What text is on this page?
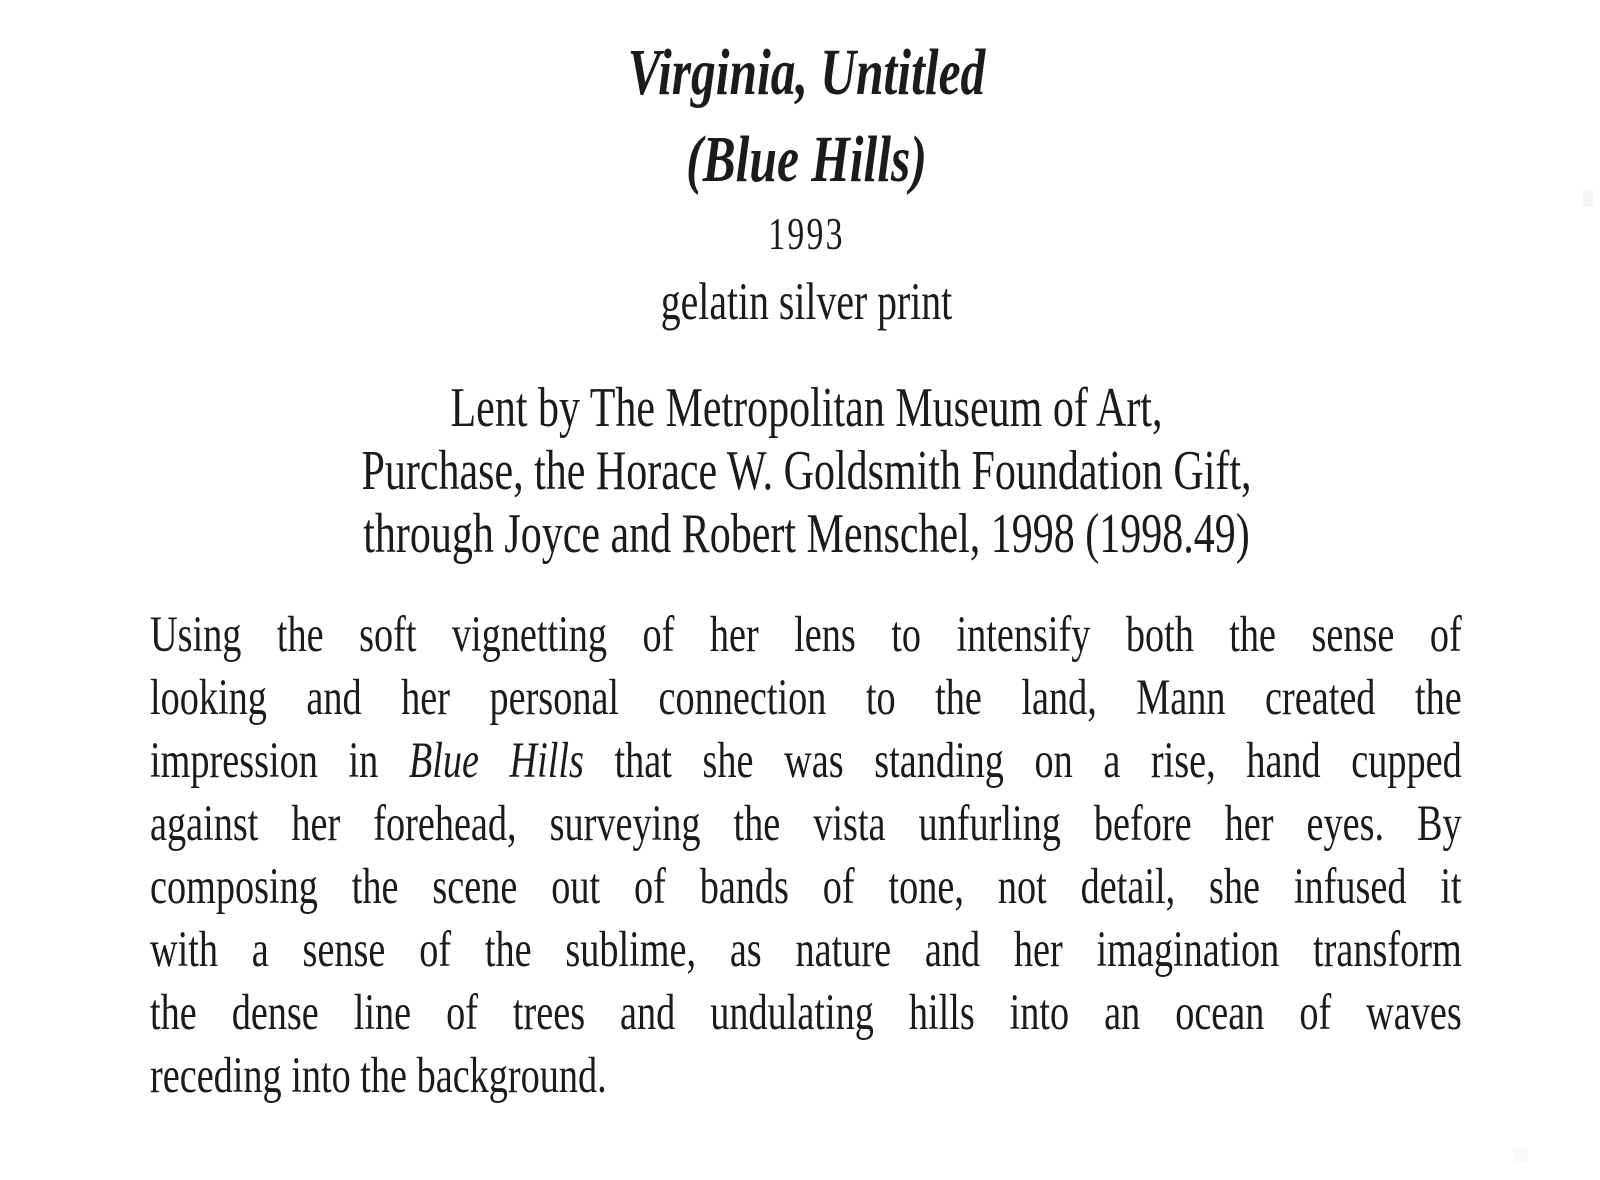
Virginia, Untitled
(Blue Hills)
1993
gelatin silver print
Lent by The Metropolitan Museum of Art,
Purchase, the Horace W. Goldsmith Foundation Gift,
through Joyce and Robert Menschel, 1998 (1998.49)
Using the soft vignetting of her lens to intensify both the sense of
looking and her personal connection to the land, Mann created the
impression in Blue Hills that she was standing on a rise, hand cupped
against her forehead, surveying the vista unfurling before her eyes. By
composing the scene out of bands of tone, not detail, she infused it
with a sense of the sublime, as nature and her imagination transform
the dense line of trees and undulating hills into an ocean of waves
receding into the background.
